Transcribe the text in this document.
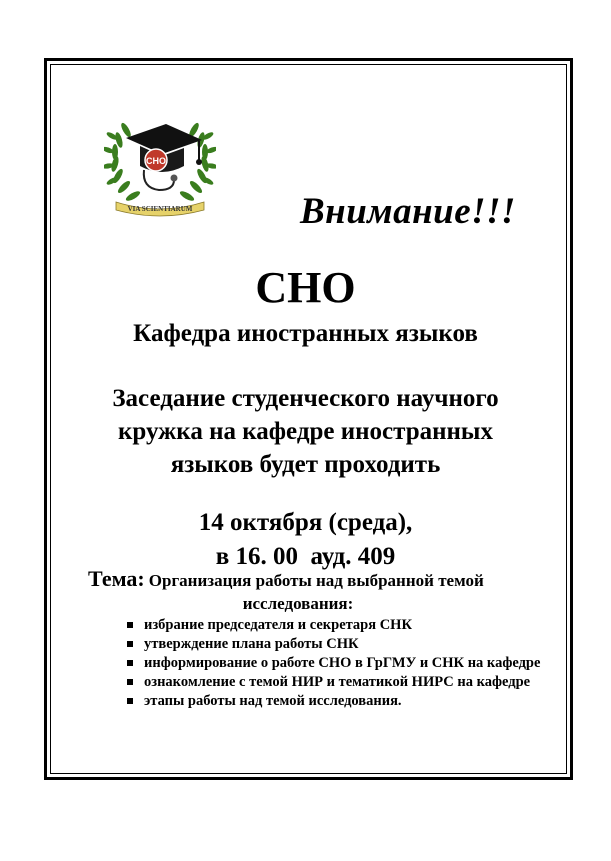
СНО
VIA SCIENTIARUM	Внимание!!!
СНО
Кафедра иностранных языков
Заседание студенческого научного
кружка на кафедре иностранных
языков будет проходить
14 октября (среда),
в 16. 00  ауд. 409
Тема: Организация работы над выбранной темой
исследования:
избрание председателя и секретаря СНК
утверждение плана работы СНК
информирование о работе СНО в ГрГМУ и СНК на кафедре
ознакомление с темой НИР и тематикой НИРС на кафедре
этапы работы над темой исследования.
